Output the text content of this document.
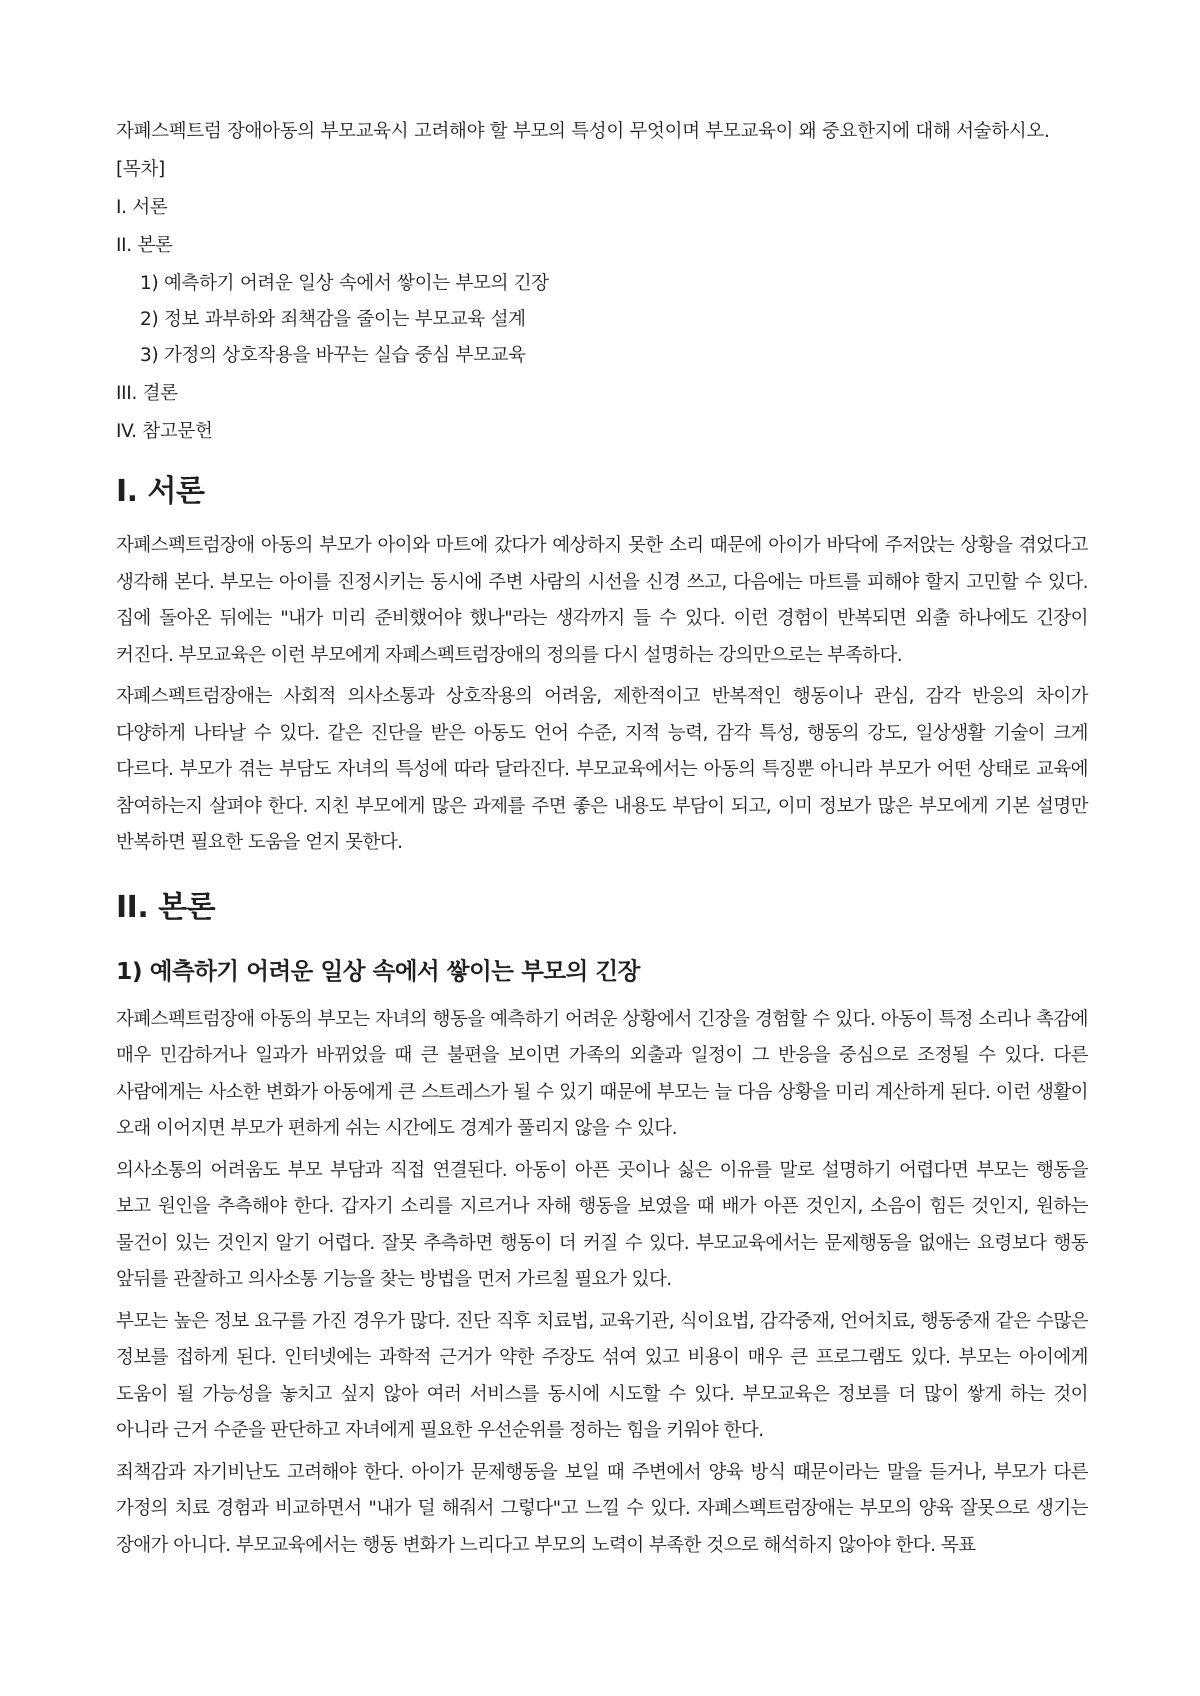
자폐스펙트럼 장애아동의 부모교육시 고려해야 할 부모의 특성이 무엇이며 부모교육이 왜 중요한지에 대해 서술하시오.

[목차]

I. 서론

II. 본론

1) 예측하기 어려운 일상 속에서 쌓이는 부모의 긴장

2) 정보 과부하와 죄책감을 줄이는 부모교육 설계

3) 가정의 상호작용을 바꾸는 실습 중심 부모교육

III. 결론

IV. 참고문헌

I. 서론

자폐스펙트럼장애 아동의 부모가 아이와 마트에 갔다가 예상하지 못한 소리 때문에 아이가 바닥에 주저앉는 상황을 겪었다고 생각해 본다. 부모는 아이를 진정시키는 동시에 주변 사람의 시선을 신경 쓰고, 다음에는 마트를 피해야 할지 고민할 수 있다. 집에 돌아온 뒤에는 "내가 미리 준비했어야 했나"라는 생각까지 들 수 있다. 이런 경험이 반복되면 외출 하나에도 긴장이 커진다. 부모교육은 이런 부모에게 자폐스펙트럼장애의 정의를 다시 설명하는 강의만으로는 부족하다.

자폐스펙트럼장애는 사회적 의사소통과 상호작용의 어려움, 제한적이고 반복적인 행동이나 관심, 감각 반응의 차이가 다양하게 나타날 수 있다. 같은 진단을 받은 아동도 언어 수준, 지적 능력, 감각 특성, 행동의 강도, 일상생활 기술이 크게 다르다. 부모가 겪는 부담도 자녀의 특성에 따라 달라진다. 부모교육에서는 아동의 특징뿐 아니라 부모가 어떤 상태로 교육에 참여하는지 살펴야 한다. 지친 부모에게 많은 과제를 주면 좋은 내용도 부담이 되고, 이미 정보가 많은 부모에게 기본 설명만 반복하면 필요한 도움을 얻지 못한다.

II. 본론
1) 예측하기 어려운 일상 속에서 쌓이는 부모의 긴장

자폐스펙트럼장애 아동의 부모는 자녀의 행동을 예측하기 어려운 상황에서 긴장을 경험할 수 있다. 아동이 특정 소리나 촉감에 매우 민감하거나 일과가 바뀌었을 때 큰 불편을 보이면 가족의 외출과 일정이 그 반응을 중심으로 조정될 수 있다. 다른 사람에게는 사소한 변화가 아동에게 큰 스트레스가 될 수 있기 때문에 부모는 늘 다음 상황을 미리 계산하게 된다. 이런 생활이 오래 이어지면 부모가 편하게 쉬는 시간에도 경계가 풀리지 않을 수 있다.

의사소통의 어려움도 부모 부담과 직접 연결된다. 아동이 아픈 곳이나 싫은 이유를 말로 설명하기 어렵다면 부모는 행동을 보고 원인을 추측해야 한다. 갑자기 소리를 지르거나 자해 행동을 보였을 때 배가 아픈 것인지, 소음이 힘든 것인지, 원하는 물건이 있는 것인지 알기 어렵다. 잘못 추측하면 행동이 더 커질 수 있다. 부모교육에서는 문제행동을 없애는 요령보다 행동 앞뒤를 관찰하고 의사소통 기능을 찾는 방법을 먼저 가르칠 필요가 있다.

부모는 높은 정보 요구를 가진 경우가 많다. 진단 직후 치료법, 교육기관, 식이요법, 감각중재, 언어치료, 행동중재 같은 수많은 정보를 접하게 된다. 인터넷에는 과학적 근거가 약한 주장도 섞여 있고 비용이 매우 큰 프로그램도 있다. 부모는 아이에게 도움이 될 가능성을 놓치고 싶지 않아 여러 서비스를 동시에 시도할 수 있다. 부모교육은 정보를 더 많이 쌓게 하는 것이 아니라 근거 수준을 판단하고 자녀에게 필요한 우선순위를 정하는 힘을 키워야 한다.

죄책감과 자기비난도 고려해야 한다. 아이가 문제행동을 보일 때 주변에서 양육 방식 때문이라는 말을 듣거나, 부모가 다른 가정의 치료 경험과 비교하면서 "내가 덜 해줘서 그렇다"고 느낄 수 있다. 자폐스펙트럼장애는 부모의 양육 잘못으로 생기는 장애가 아니다. 부모교육에서는 행동 변화가 느리다고 부모의 노력이 부족한 것으로 해석하지 않아야 한다. 목표
